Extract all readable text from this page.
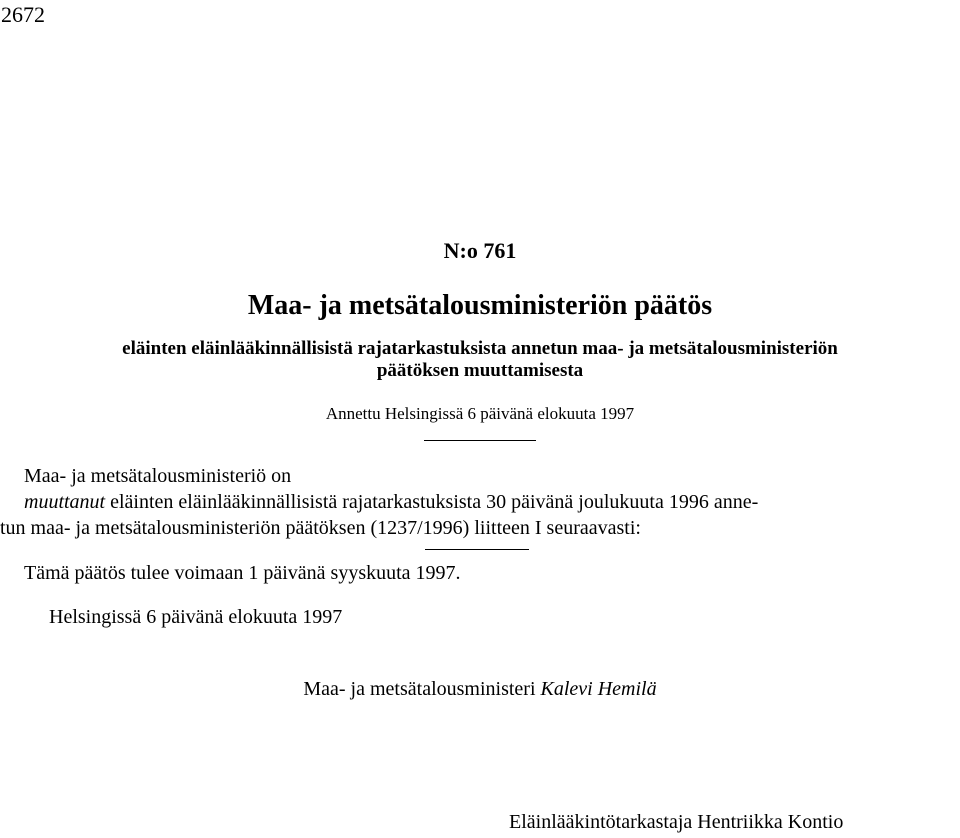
2672
N:o 761
Maa- ja metsätalousministeriön päätös
eläinten eläinlääkinnällisistä rajatarkastuksista annetun maa- ja metsätalousministeriön
päätöksen muuttamisesta
Annettu Helsingissä 6 päivänä elokuuta 1997
Maa- ja metsätalousministeriö on
muuttanut eläinten eläinlääkinnällisistä rajatarkastuksista 30 päivänä joulukuuta 1996 anne-
tun maa- ja metsätalousministeriön päätöksen (1237/1996) liitteen I seuraavasti:
Tämä päätös tulee voimaan 1 päivänä syyskuuta 1997.
Helsingissä 6 päivänä elokuuta 1997
Maa- ja metsätalousministeri Kalevi Hemilä
Eläinlääkintötarkastaja Hentriikka Kontio
